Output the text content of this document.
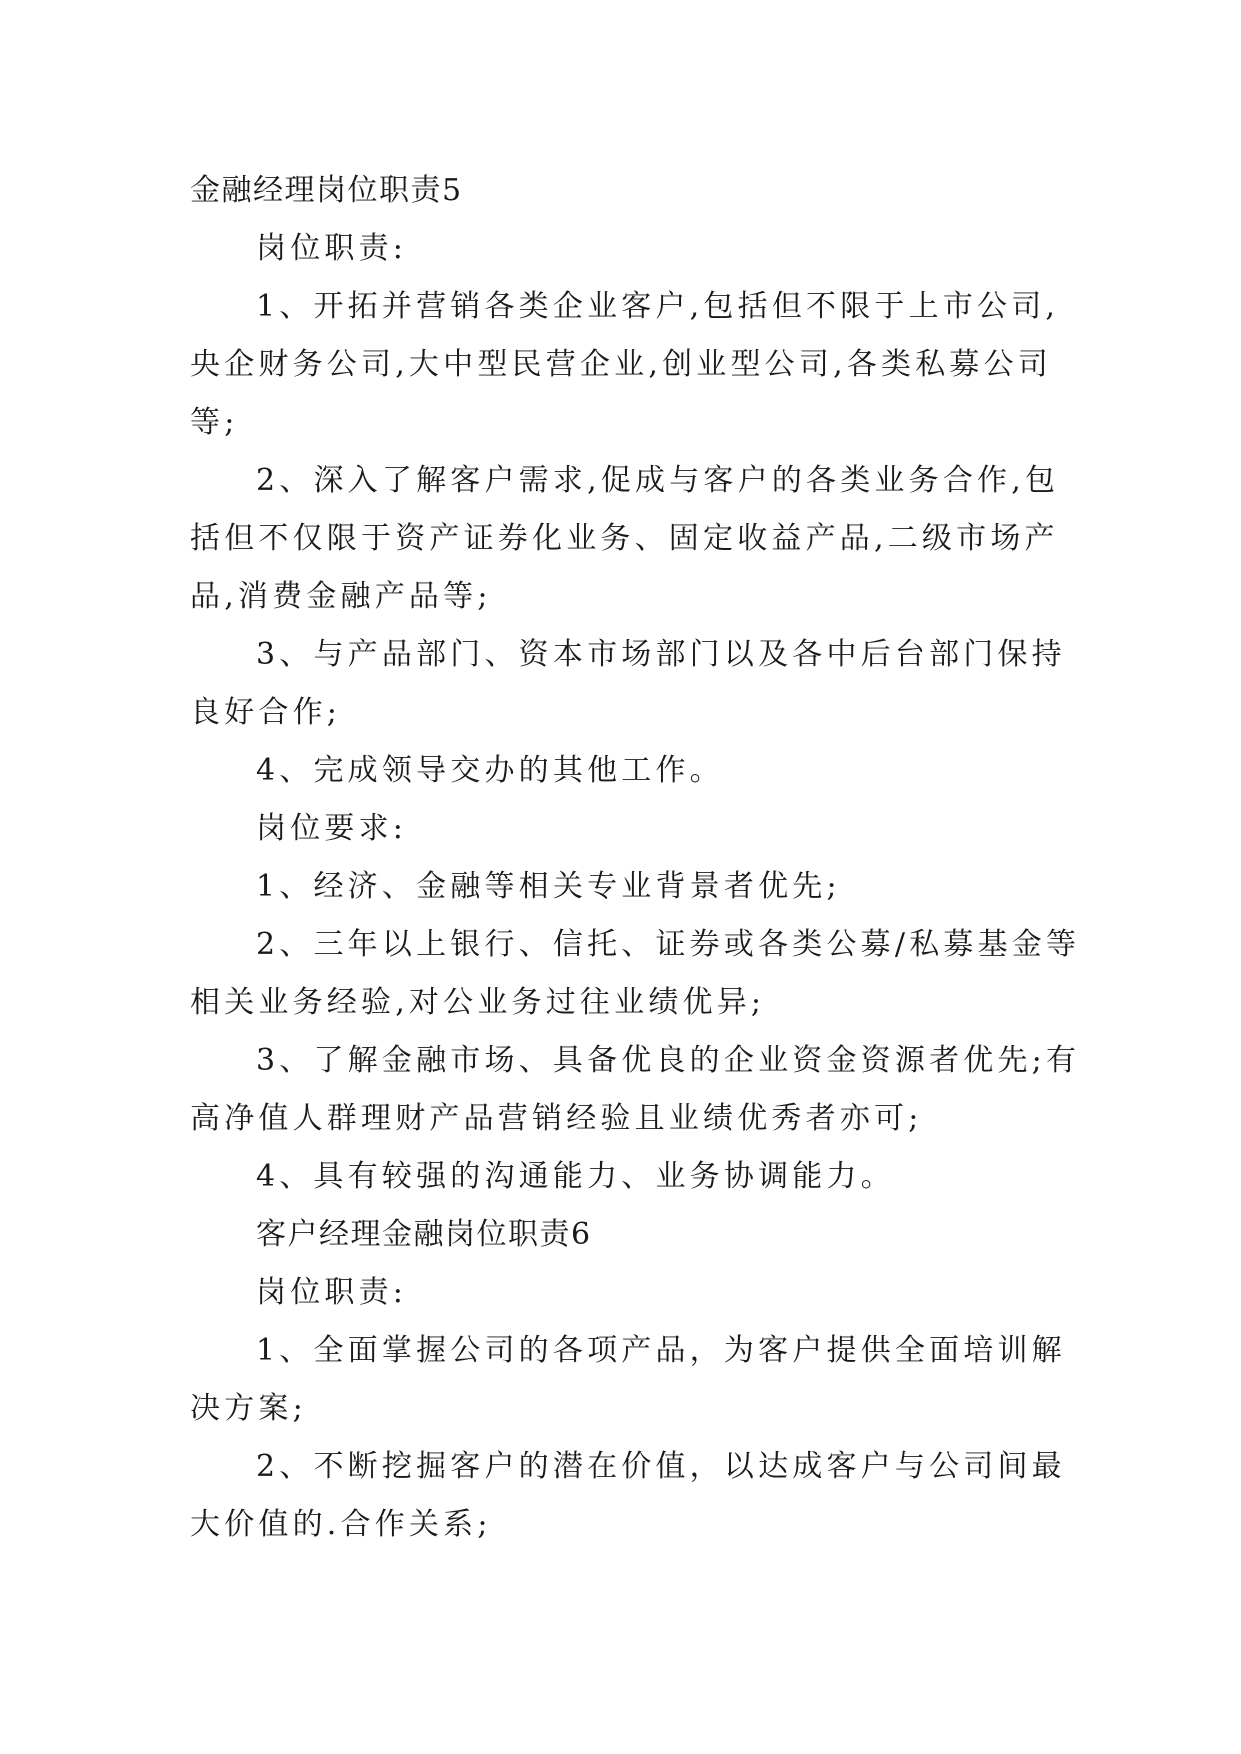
金融经理岗位职责5

岗位职责:

1、开拓并营销各类企业客户,包括但不限于上市公司,

央企财务公司,大中型民营企业,创业型公司,各类私募公司

等;

2、深入了解客户需求,促成与客户的各类业务合作,包

括但不仅限于资产证券化业务、固定收益产品,二级市场产

品,消费金融产品等;

3、与产品部门、资本市场部门以及各中后台部门保持

良好合作;

4、完成领导交办的其他工作。

岗位要求:

1、经济、金融等相关专业背景者优先;

2、三年以上银行、信托、证券或各类公募/私募基金等

相关业务经验,对公业务过往业绩优异;

3、了解金融市场、具备优良的企业资金资源者优先;有

高净值人群理财产品营销经验且业绩优秀者亦可;

4、具有较强的沟通能力、业务协调能力。

客户经理金融岗位职责6

岗位职责:

1、全面掌握公司的各项产品，为客户提供全面培训解

决方案;

2、不断挖掘客户的潜在价值，以达成客户与公司间最

大价值的.合作关系;
